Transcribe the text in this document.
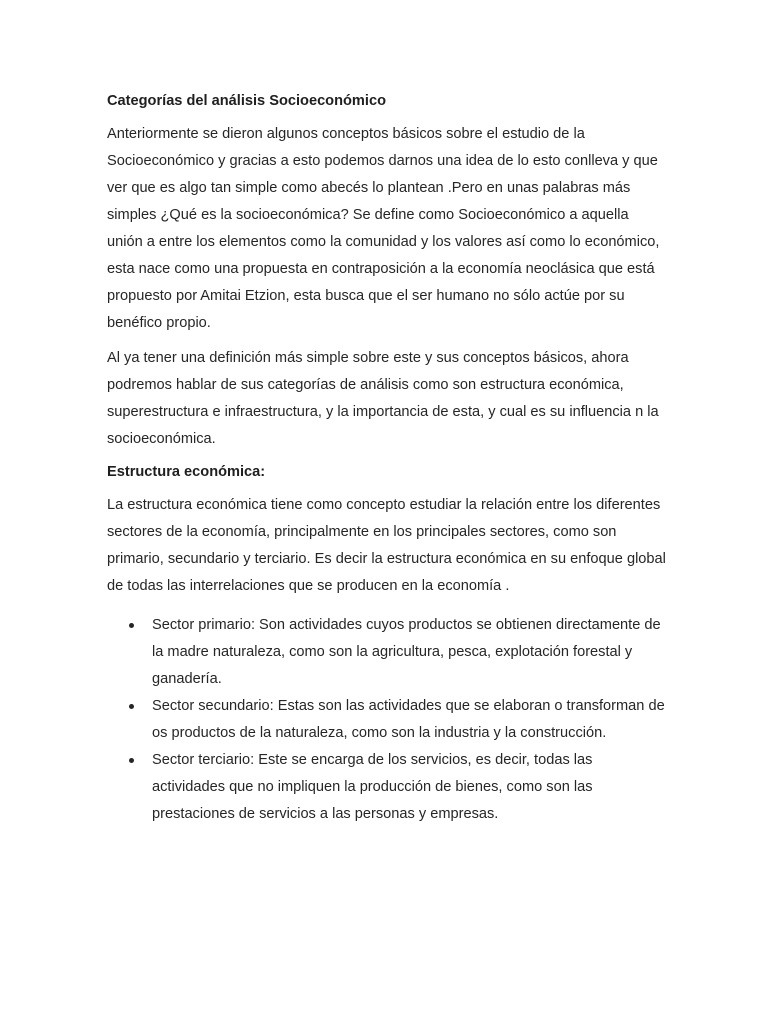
Categorías del análisis Socioeconómico

Anteriormente se dieron algunos conceptos básicos sobre el estudio de la Socioeconómico y gracias a esto podemos darnos una idea de lo esto conlleva y que ver que es algo tan simple como abecés lo plantean .Pero en unas palabras más simples ¿Qué es la socioeconómica? Se define como Socioeconómico a aquella unión a entre los elementos como la comunidad y los valores así como lo económico, esta nace como una propuesta en contraposición a la economía neoclásica que está propuesto por Amitai Etzion, esta busca que el ser humano no sólo actúe por su benéfico propio.

Al ya tener una definición más simple sobre este y sus conceptos básicos, ahora podremos hablar de sus categorías de análisis como son estructura económica, superestructura e infraestructura, y la importancia de esta, y cual es su influencia n la socioeconómica.

Estructura económica:

La estructura económica tiene como concepto estudiar la relación entre los diferentes sectores de la economía, principalmente en los principales sectores, como son primario, secundario y terciario. Es decir la estructura económica en su enfoque global de todas las interrelaciones que se producen en la economía .

Sector primario: Son actividades cuyos productos se obtienen directamente de la madre naturaleza, como son la agricultura, pesca, explotación forestal y ganadería.
Sector secundario: Estas son las actividades que se elaboran o transforman de os productos de la naturaleza, como son la industria y la construcción.
Sector terciario: Este se encarga de los servicios, es decir, todas las actividades que no impliquen la producción de bienes, como son las prestaciones de servicios a las personas y empresas.
